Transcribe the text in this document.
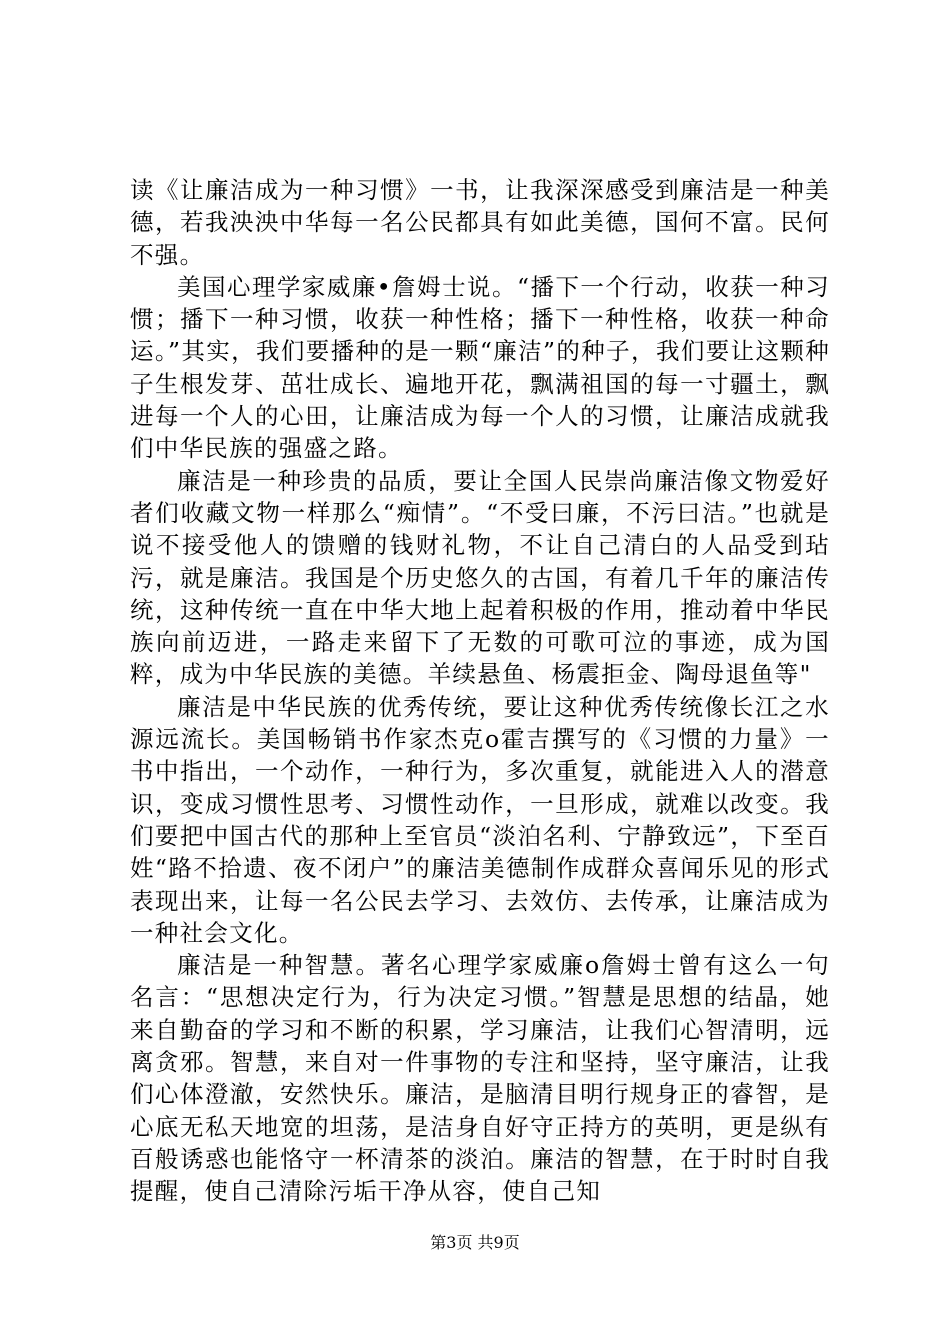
读《让廉洁成为一种习惯》一书，让我深深感受到廉洁是一种美德，若我泱泱中华每一名公民都具有如此美德，国何不富。民何不强。

美国心理学家威廉•詹姆士说。“播下一个行动，收获一种习惯；播下一种习惯，收获一种性格；播下一种性格，收获一种命运。”其实，我们要播种的是一颗“廉洁”的种子，我们要让这颗种子生根发芽、茁壮成长、遍地开花，飘满祖国的每一寸疆土，飘进每一个人的心田，让廉洁成为每一个人的习惯，让廉洁成就我们中华民族的强盛之路。

廉洁是一种珍贵的品质，要让全国人民崇尚廉洁像文物爱好者们收藏文物一样那么“痴情”。“不受曰廉，不污曰洁。”也就是说不接受他人的馈赠的钱财礼物，不让自己清白的人品受到玷污，就是廉洁。我国是个历史悠久的古国，有着几千年的廉洁传统，这种传统一直在中华大地上起着积极的作用，推动着中华民族向前迈进，一路走来留下了无数的可歌可泣的事迹，成为国粹，成为中华民族的美德。羊续悬鱼、杨震拒金、陶母退鱼等"

廉洁是中华民族的优秀传统，要让这种优秀传统像长江之水源远流长。美国畅销书作家杰克ο霍吉撰写的《习惯的力量》一书中指出，一个动作，一种行为，多次重复，就能进入人的潜意识，变成习惯性思考、习惯性动作，一旦形成，就难以改变。我们要把中国古代的那种上至官员“淡泊名利、宁静致远”，下至百姓“路不拾遗、夜不闭户”的廉洁美德制作成群众喜闻乐见的形式表现出来，让每一名公民去学习、去效仿、去传承，让廉洁成为一种社会文化。

廉洁是一种智慧。著名心理学家威廉ο詹姆士曾有这么一句名言：“思想决定行为，行为决定习惯。”智慧是思想的结晶，她来自勤奋的学习和不断的积累，学习廉洁，让我们心智清明，远离贪邪。智慧，来自对一件事物的专注和坚持，坚守廉洁，让我们心体澄澈，安然快乐。廉洁，是脑清目明行规身正的睿智，是心底无私天地宽的坦荡，是洁身自好守正持方的英明，更是纵有百般诱惑也能恪守一杯清茶的淡泊。廉洁的智慧，在于时时自我提醒，使自己清除污垢干净从容，使自己知

第3页 共9页
